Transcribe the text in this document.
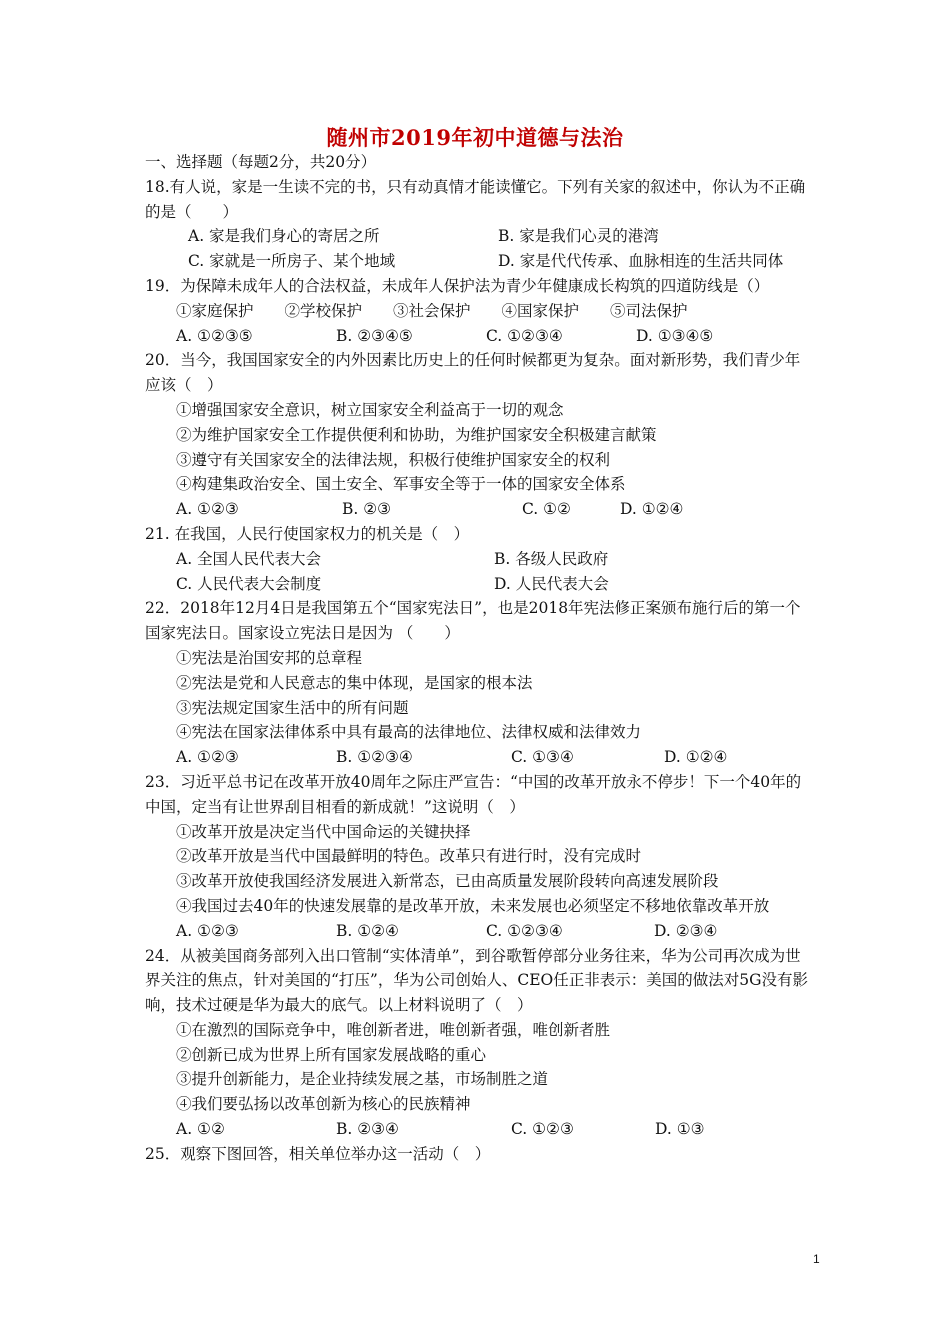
随州市2019年初中道德与法治
一、选择题（每题2分，共20分）
18.有人说，家是一生读不完的书，只有动真情才能读懂它。下列有关家的叙述中，你认为不正确的是（　　）
A. 家是我们身心的寄居之所	B. 家是我们心灵的港湾
C. 家就是一所房子、某个地域	D. 家是代代传承、血脉相连的生活共同体
19．为保障未成年人的合法权益，未成年人保护法为青少年健康成长构筑的四道防线是（）
①家庭保护　　②学校保护　　③社会保护　　④国家保护　　⑤司法保护
A. ①②③⑤	B. ②③④⑤	C. ①②③④	D. ①③④⑤
20．当今，我国国家安全的内外因素比历史上的任何时候都更为复杂。面对新形势，我们青少年应该（　）
①增强国家安全意识，树立国家安全利益高于一切的观念
②为维护国家安全工作提供便利和协助，为维护国家安全积极建言献策
③遵守有关国家安全的法律法规，积极行使维护国家安全的权利
④构建集政治安全、国土安全、军事安全等于一体的国家安全体系
A. ①②③	B. ②③	C. ①②	D. ①②④
21. 在我国，人民行使国家权力的机关是（　）
A. 全国人民代表大会	B. 各级人民政府
C. 人民代表大会制度	D. 人民代表大会
22．2018年12月4日是我国第五个“国家宪法日”，也是2018年宪法修正案颁布施行后的第一个国家宪法日。国家设立宪法日是因为 （　　）
①宪法是治国安邦的总章程
②宪法是党和人民意志的集中体现，是国家的根本法
③宪法规定国家生活中的所有问题
④宪法在国家法律体系中具有最高的法律地位、法律权威和法律效力
A. ①②③	B. ①②③④	C. ①③④	D. ①②④
23．习近平总书记在改革开放40周年之际庄严宣告：“中国的改革开放永不停步！下一个40年的中国，定当有让世界刮目相看的新成就！”这说明（　）
①改革开放是决定当代中国命运的关键抉择
②改革开放是当代中国最鲜明的特色。改革只有进行时，没有完成时
③改革开放使我国经济发展进入新常态，已由高质量发展阶段转向高速发展阶段
④我国过去40年的快速发展靠的是改革开放，未来发展也必须坚定不移地依靠改革开放
A. ①②③	B. ①②④	C. ①②③④	D. ②③④
24．从被美国商务部列入出口管制“实体清单”，到谷歌暂停部分业务往来，华为公司再次成为世界关注的焦点，针对美国的“打压”，华为公司创始人、CEO任正非表示：美国的做法对5G没有影响，技术过硬是华为最大的底气。以上材料说明了（　）
①在激烈的国际竞争中，唯创新者进，唯创新者强，唯创新者胜
②创新已成为世界上所有国家发展战略的重心
③提升创新能力，是企业持续发展之基，市场制胜之道
④我们要弘扬以改革创新为核心的民族精神
A. ①②	B. ②③④	C. ①②③	D. ①③
25．观察下图回答，相关单位举办这一活动（　）
1
